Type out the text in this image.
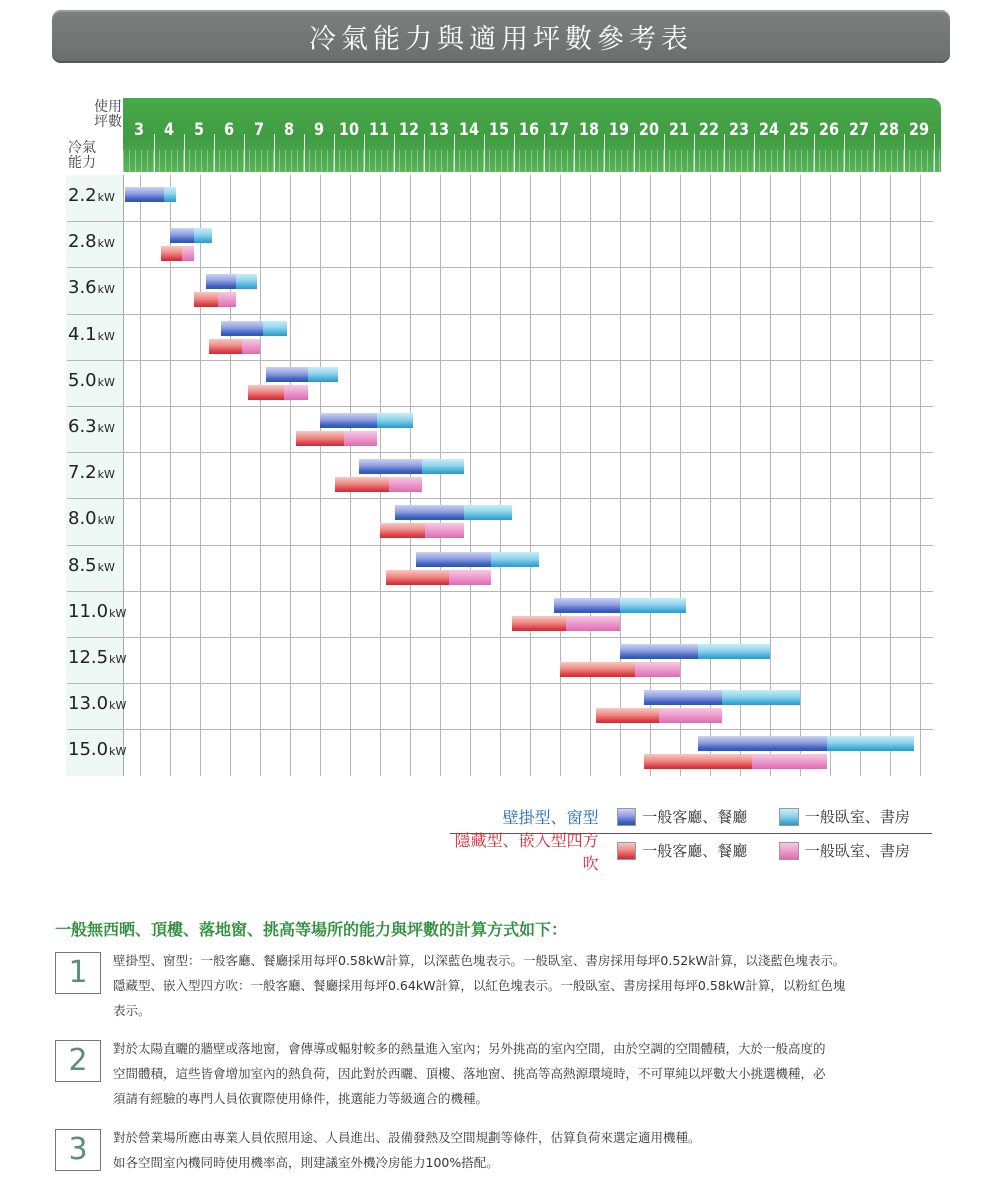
冷氣能力與適用坪數參考表
使用
坪數
冷氣
能力
3	4	5	6	7	8	9 10 11 12 13 14 15 16 17 18 19 20 21 22 23 24 25 26 27 28 29
2.2kW
2.8kW
3.6kW
4.1kW
5.0kW
6.3kW
7.2kW
8.0kW
8.5kW
11.0kW
12.5kW
13.0kW
15.0kW
壁掛型、窗型	一般客廳、餐廳	一般臥室、書房
隱藏型、嵌入型四方吹
一般客廳、餐廳	一般臥室、書房
一般無西晒、頂樓、落地窗、挑高等場所的能力與坪數的計算方式如下：
1	壁掛型、窗型：一般客廳、餐廳採用每坪0.58kW計算，以深藍色塊表示。一般臥室、書房採用每坪0.52kW計算，以淺藍色塊表示。

隱藏型、嵌入型四方吹：一般客廳、餐廳採用每坪0.64kW計算，以紅色塊表示。一般臥室、書房採用每坪0.58kW計算，以粉紅色塊

表示。

2	對於太陽直曬的牆壁或落地窗，會傳導或輻射較多的熱量進入室內；另外挑高的室內空間，由於空調的空間體積，大於一般高度的

空間體積，這些皆會增加室內的熱負荷，因此對於西曬、頂樓、落地窗、挑高等高熱源環境時，不可單純以坪數大小挑選機種，必

須請有經驗的專門人員依實際使用條件，挑選能力等級適合的機種。

3	對於營業場所應由專業人員依照用途、人員進出、設備發熱及空間規劃等條件，估算負荷來選定適用機種。

如各空間室內機同時使用機率高，則建議室外機冷房能力100%搭配。
